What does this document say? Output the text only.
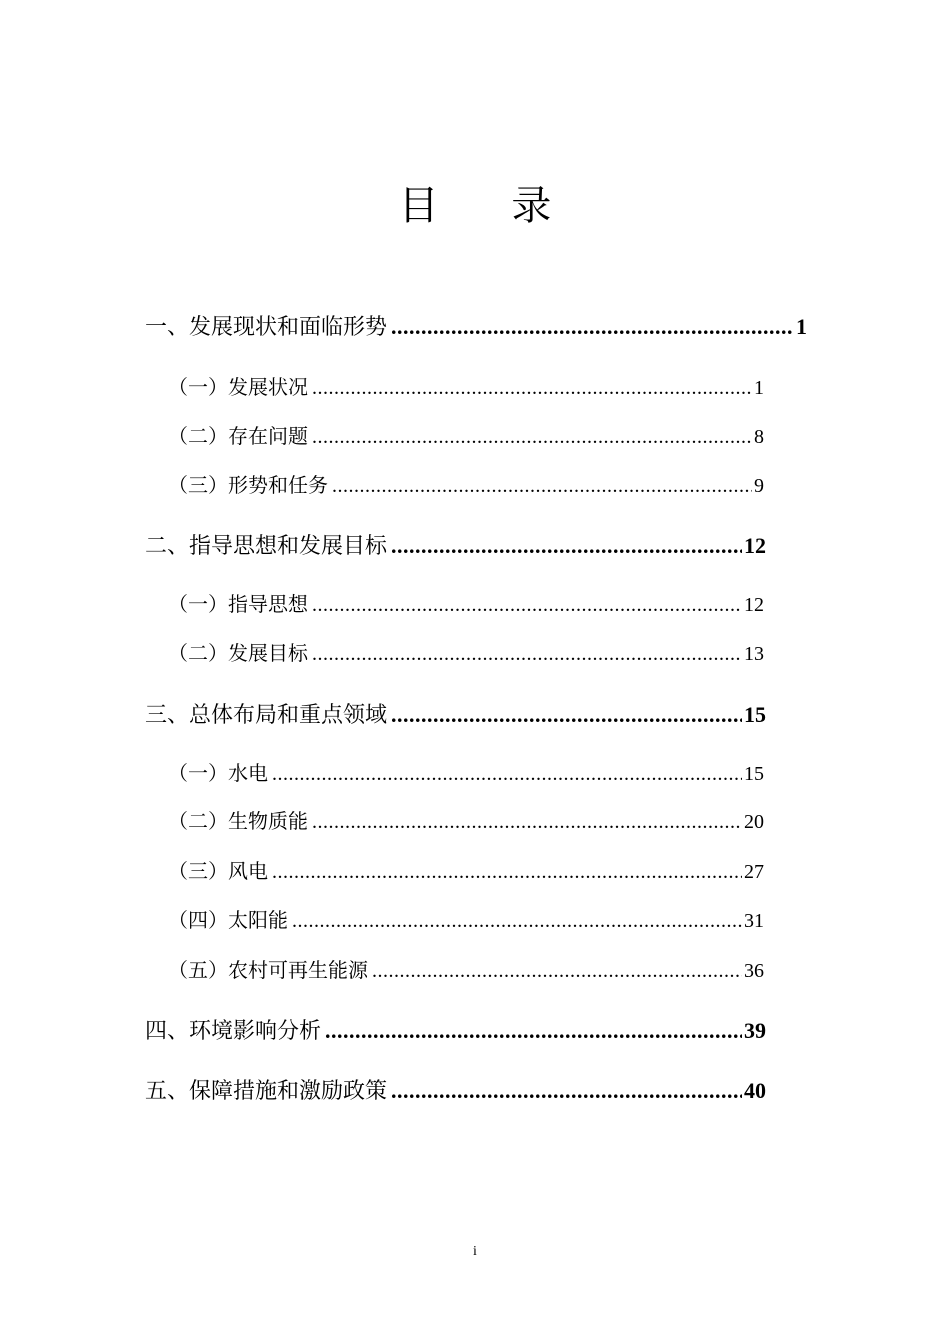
目 录
一、发展现状和面临形势 .....	1
（一）发展状况 .....	1
（二）存在问题 .....	8
（三）形势和任务 .....	9
二、指导思想和发展目标 .....	12
（一）指导思想 .....	12
（二）发展目标 .....	13
三、总体布局和重点领域 .....	15
（一）水电 .....	15
（二）生物质能 .....	20
（三）风电 .....	27
（四）太阳能 .....	31
（五）农村可再生能源 .....	36
四、环境影响分析 .....	39
五、保障措施和激励政策 .....	40
i
